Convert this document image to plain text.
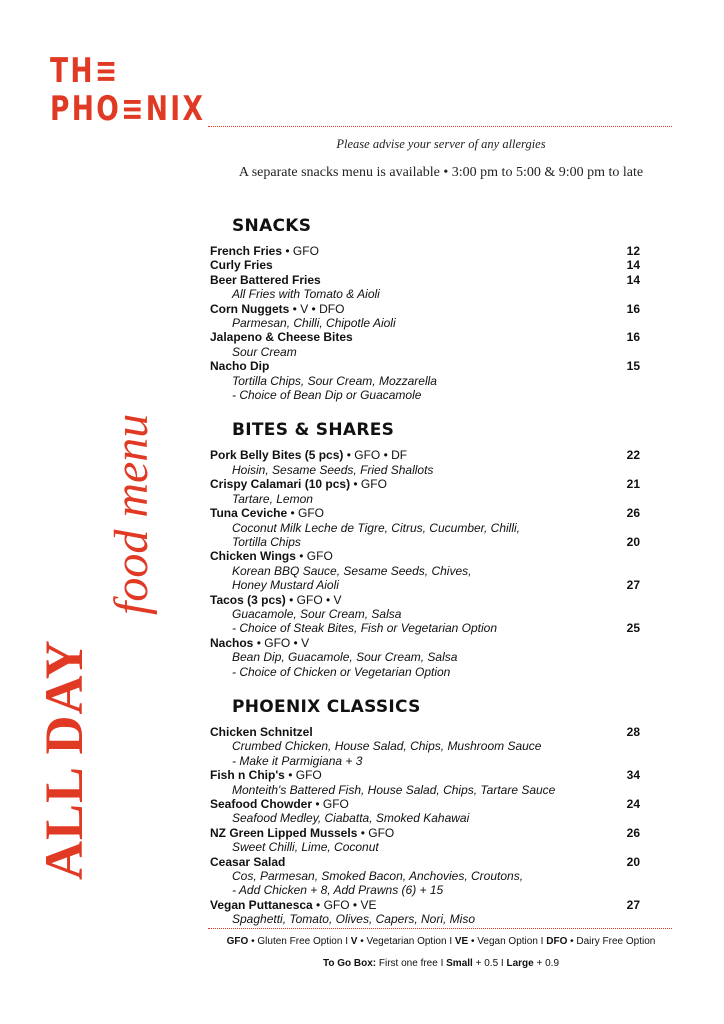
TH≡
PHO≡NIX
Please advise your server of any allergies
A separate snacks menu is available • 3:00 pm to 5:00 & 9:00 pm to late
ALL DAY
food menu
SNACKS
French Fries • GFO	12
Curly Fries	14
Beer Battered Fries	14
All Fries with Tomato & Aioli
Corn Nuggets • V • DFO	16
Parmesan, Chilli, Chipotle Aioli
Jalapeno & Cheese Bites	16
Sour Cream
Nacho Dip	15
Tortilla Chips, Sour Cream, Mozzarella
- Choice of Bean Dip or Guacamole
BITES & SHARES
Pork Belly Bites (5 pcs) • GFO • DF	22
Hoisin, Sesame Seeds, Fried Shallots
Crispy Calamari (10 pcs) • GFO	21
Tartare, Lemon
Tuna Ceviche • GFO	26
Coconut Milk Leche de Tigre, Citrus, Cucumber, Chilli,
Tortilla Chips	20
Chicken Wings • GFO
Korean BBQ Sauce, Sesame Seeds, Chives,
Honey Mustard Aioli	27
Tacos (3 pcs) • GFO • V
Guacamole, Sour Cream, Salsa
- Choice of Steak Bites, Fish or Vegetarian Option	25
Nachos • GFO • V
Bean Dip, Guacamole, Sour Cream, Salsa
- Choice of Chicken or Vegetarian Option
PHOENIX CLASSICS
Chicken Schnitzel	28
Crumbed Chicken, House Salad, Chips, Mushroom Sauce
- Make it Parmigiana + 3
Fish n Chip's • GFO	34
Monteith's Battered Fish, House Salad, Chips, Tartare Sauce
Seafood Chowder • GFO	24
Seafood Medley, Ciabatta, Smoked Kahawai
NZ Green Lipped Mussels • GFO	26
Sweet Chilli, Lime, Coconut
Ceasar Salad	20
Cos, Parmesan, Smoked Bacon, Anchovies, Croutons,
- Add Chicken + 8, Add Prawns (6) + 15
Vegan Puttanesca • GFO • VE	27
Spaghetti, Tomato, Olives, Capers, Nori, Miso
GFO • Gluten Free Option I V • Vegetarian Option I VE • Vegan Option I DFO • Dairy Free Option
To Go Box: First one free I Small + 0.5 I Large + 0.9
